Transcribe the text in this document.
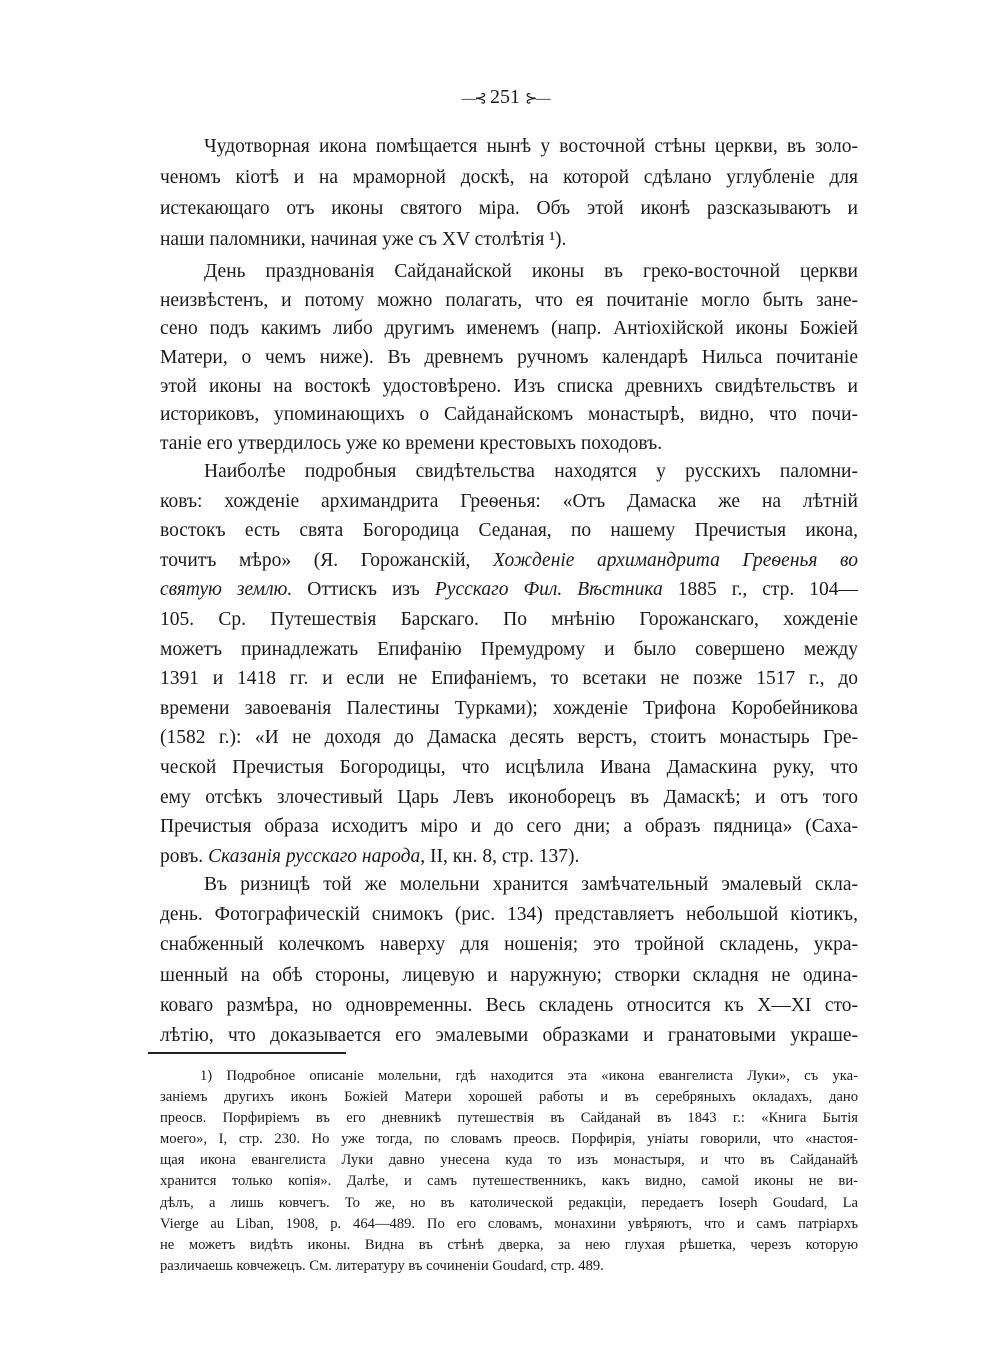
—⊰ 251 ⊱—
Чудотворная икона помѣщается нынѣ у восточной стѣны церкви, въ золо-
ченомъ кіотѣ и на мраморной доскѣ, на которой сдѣлано углубленіе для
истекающаго отъ иконы святого міра. Объ этой иконѣ разсказываютъ и
наши паломники, начиная уже съ XV столѣтія ¹).
День празднованія Сайданайской иконы въ греко-восточной церкви
неизвѣстенъ, и потому можно полагать, что ея почитаніе могло быть зане-
сено подъ какимъ либо другимъ именемъ (напр. Антіохійской иконы Божіей
Матери, о чемъ ниже). Въ древнемъ ручномъ календарѣ Нильса почитаніе
этой иконы на востокѣ удостовѣрено. Изъ списка древнихъ свидѣтельствъ и
историковъ, упоминающихъ о Сайданайскомъ монастырѣ, видно, что почи-
таніе его утвердилось уже ко времени крестовыхъ походовъ.
Наиболѣе подробныя свидѣтельства находятся у русскихъ паломни-
ковъ: хожденіе архимандрита Греѳенья: «Отъ Дамаска же на лѣтній
востокъ есть свята Богородица Седаная, по нашему Пречистыя икона,
точитъ мѣро» (Я. Горожанскій, Хожденіе архимандрита Греѳенья во
святую землю. Оттискъ изъ Русскаго Фил. Вѣстника 1885 г., стр. 104—
105. Ср. Путешествія Барскаго. По мнѣнію Горожанскаго, хожденіе
можетъ принадлежать Епифанію Премудрому и было совершено между
1391 и 1418 гг. и если не Епифаніемъ, то всетаки не позже 1517 г., до
времени завоеванія Палестины Турками); хожденіе Трифона Коробейникова
(1582 г.): «И не доходя до Дамаска десять верстъ, стоитъ монастырь Гре-
ческой Пречистыя Богородицы, что исцѣлила Ивана Дамаскина руку, что
ему отсѣкъ злочестивый Царь Левъ иконоборецъ въ Дамаскѣ; и отъ того
Пречистыя образа исходитъ міро и до сего дни; а образъ пядница» (Саха-
ровъ. Сказанія русскаго народа, II, кн. 8, стр. 137).
Въ ризницѣ той же молельни хранится замѣчательный эмалевый скла-
день. Фотографическій снимокъ (рис. 134) представляетъ небольшой кіотикъ,
снабженный колечкомъ наверху для ношенія; это тройной складень, укра-
шенный на обѣ стороны, лицевую и наружную; створки складня не одина-
коваго размѣра, но одновременны. Весь складень относится къ X—XI сто-
лѣтію, что доказывается его эмалевыми образками и гранатовыми украше-
1) Подробное описаніе молельни, гдѣ находится эта «икона евангелиста Луки», съ ука-
заніемъ другихъ иконъ Божіей Матери хорошей работы и въ серебряныхъ окладахъ, дано
преосв. Порфиріемъ въ его дневникѣ путешествія въ Сайданай въ 1843 г.: «Книга Бытія
моего», I, стр. 230. Но уже тогда, по словамъ преосв. Порфирія, уніаты говорили, что «настоя-
щая икона евангелиста Луки давно унесена куда то изъ монастыря, и что въ Сайданайѣ
хранится только копія». Далѣе, и самъ путешественникъ, какъ видно, самой иконы не ви-
дѣлъ, а лишь ковчегъ. То же, но въ католической редакціи, передаетъ Ioseph Goudard, La
Vierge au Liban, 1908, p. 464—489. По его словамъ, монахини увѣряютъ, что и самъ патріархъ
не можетъ видѣть иконы. Видна въ стѣнѣ дверка, за нею глухая рѣшетка, черезъ которую
различаешь ковчежецъ. См. литературу въ сочиненіи Goudard, стр. 489.
